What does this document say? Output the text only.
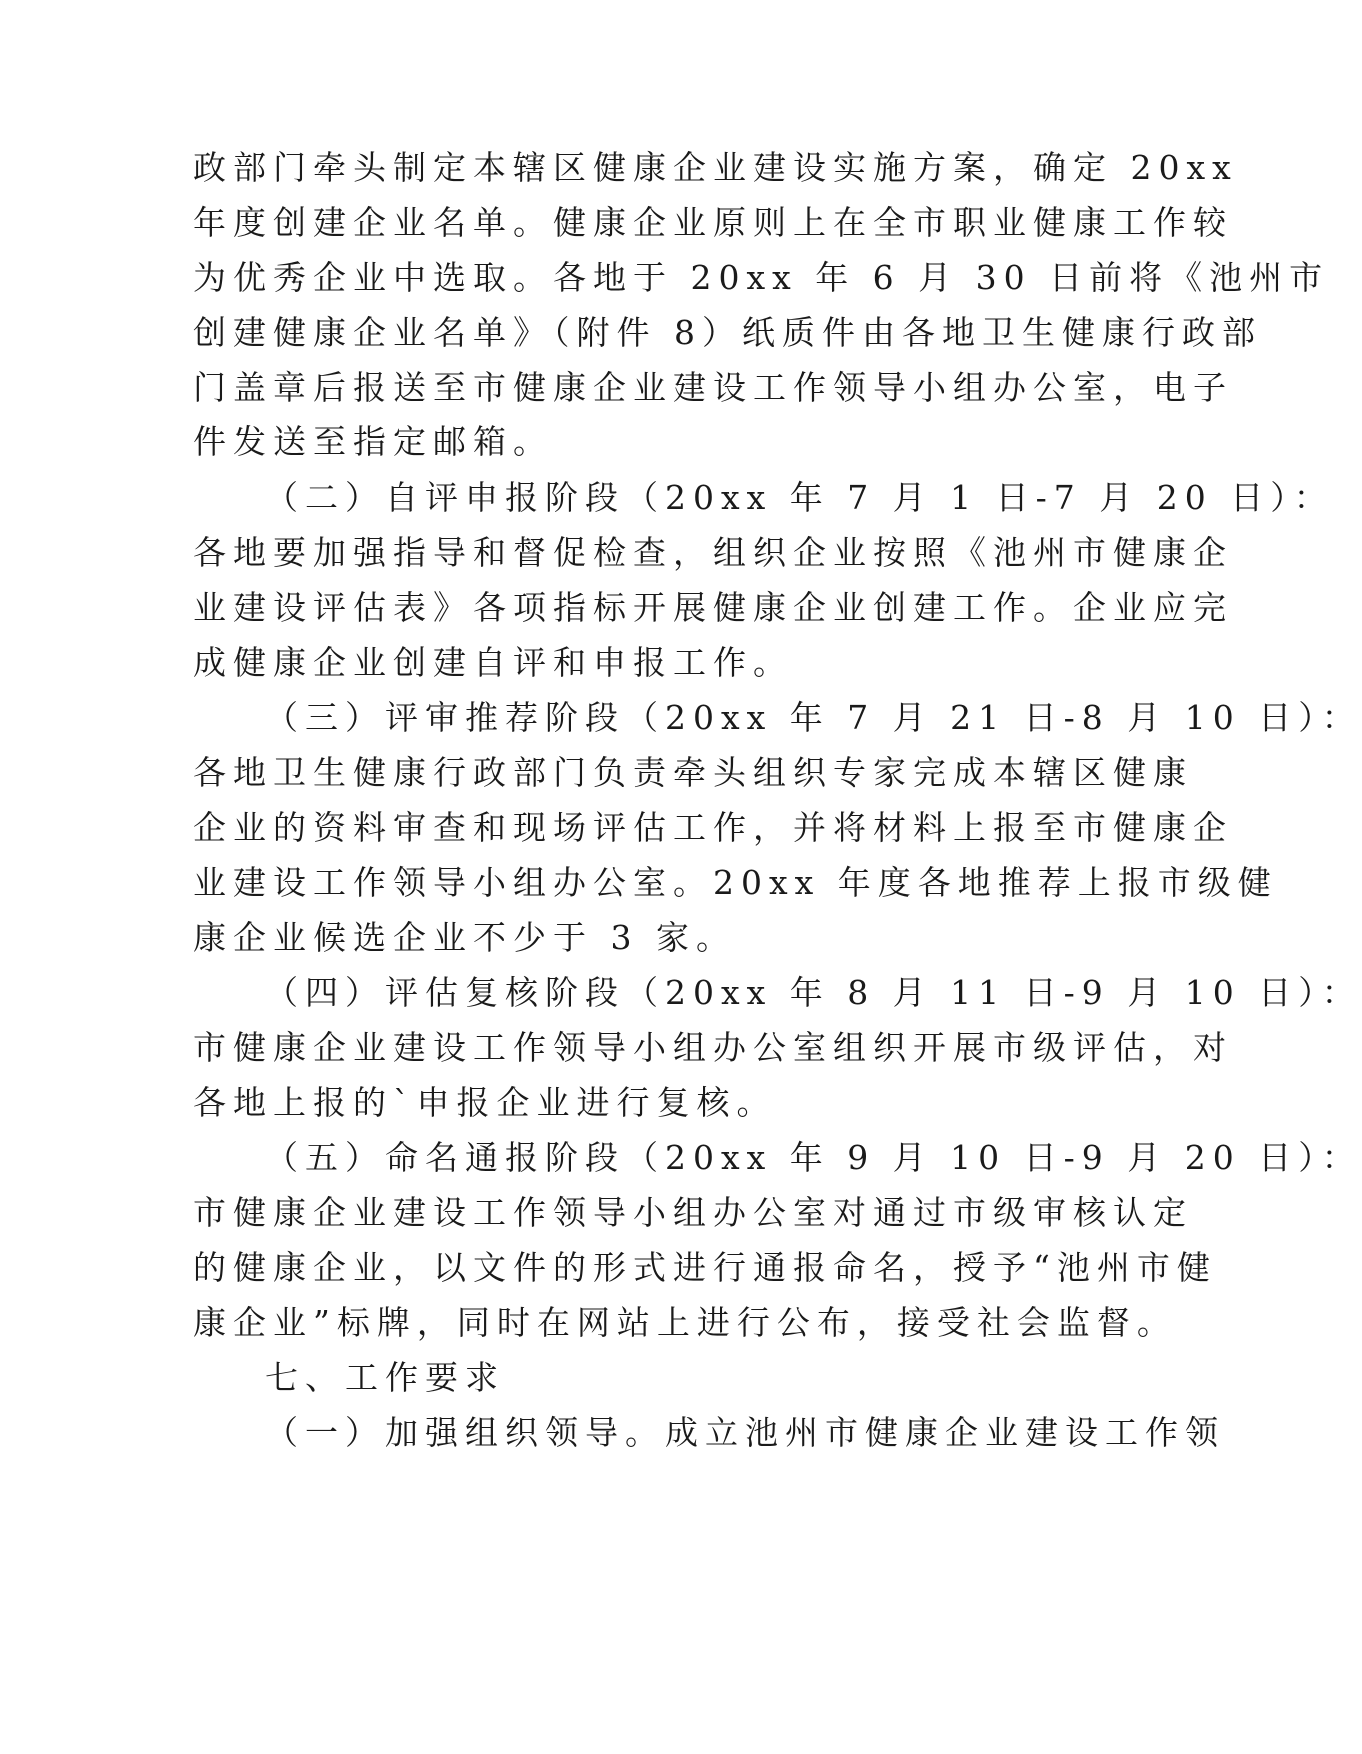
政部门牵头制定本辖区健康企业建设实施方案，确定 20xx
年度创建企业名单。健康企业原则上在全市职业健康工作较
为优秀企业中选取。各地于 20xx 年 6 月 30 日前将《池州市
创建健康企业名单》（附件 8）纸质件由各地卫生健康行政部
门盖章后报送至市健康企业建设工作领导小组办公室，电子
件发送至指定邮箱。
（二）自评申报阶段（20xx 年 7 月 1 日-7 月 20 日）：
各地要加强指导和督促检查，组织企业按照《池州市健康企
业建设评估表》各项指标开展健康企业创建工作。企业应完
成健康企业创建自评和申报工作。
（三）评审推荐阶段（20xx 年 7 月 21 日-8 月 10 日）：
各地卫生健康行政部门负责牵头组织专家完成本辖区健康
企业的资料审查和现场评估工作，并将材料上报至市健康企
业建设工作领导小组办公室。20xx 年度各地推荐上报市级健
康企业候选企业不少于 3 家。
（四）评估复核阶段（20xx 年 8 月 11 日-9 月 10 日）：
市健康企业建设工作领导小组办公室组织开展市级评估，对
各地上报的`申报企业进行复核。
（五）命名通报阶段（20xx 年 9 月 10 日-9 月 20 日）：
市健康企业建设工作领导小组办公室对通过市级审核认定
的健康企业，以文件的形式进行通报命名，授予“池州市健
康企业”标牌，同时在网站上进行公布，接受社会监督。
七、工作要求
（一）加强组织领导。成立池州市健康企业建设工作领
